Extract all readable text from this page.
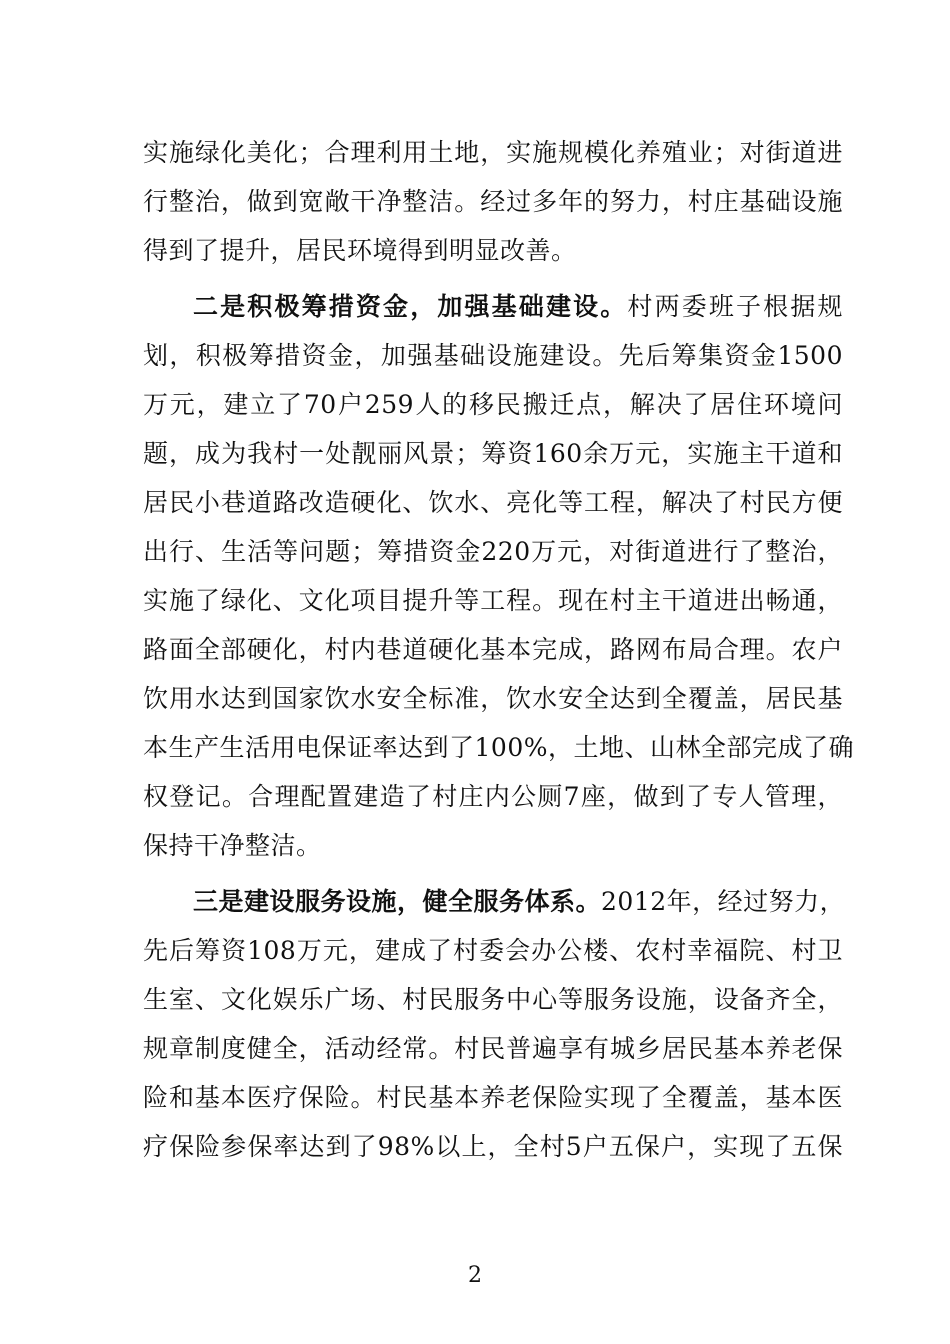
实施绿化美化；合理利用土地，实施规模化养殖业；对街道进
行整治，做到宽敞干净整洁。经过多年的努力，村庄基础设施
得到了提升，居民环境得到明显改善。
二是积极筹措资金，加强基础建设。村两委班子根据规
划，积极筹措资金，加强基础设施建设。先后筹集资金1500
万元，建立了70户259人的移民搬迁点，解决了居住环境问
题，成为我村一处靓丽风景；筹资160余万元，实施主干道和
居民小巷道路改造硬化、饮水、亮化等工程，解决了村民方便
出行、生活等问题；筹措资金220万元，对街道进行了整治，
实施了绿化、文化项目提升等工程。现在村主干道进出畅通，
路面全部硬化，村内巷道硬化基本完成，路网布局合理。农户
饮用水达到国家饮水安全标准，饮水安全达到全覆盖，居民基
本生产生活用电保证率达到了100%，土地、山林全部完成了确
权登记。合理配置建造了村庄内公厕7座，做到了专人管理，
保持干净整洁。
三是建设服务设施，健全服务体系。2012年，经过努力，
先后筹资108万元，建成了村委会办公楼、农村幸福院、村卫
生室、文化娱乐广场、村民服务中心等服务设施，设备齐全，
规章制度健全，活动经常。村民普遍享有城乡居民基本养老保
险和基本医疗保险。村民基本养老保险实现了全覆盖，基本医
疗保险参保率达到了98%以上，全村5户五保户，实现了五保
2
